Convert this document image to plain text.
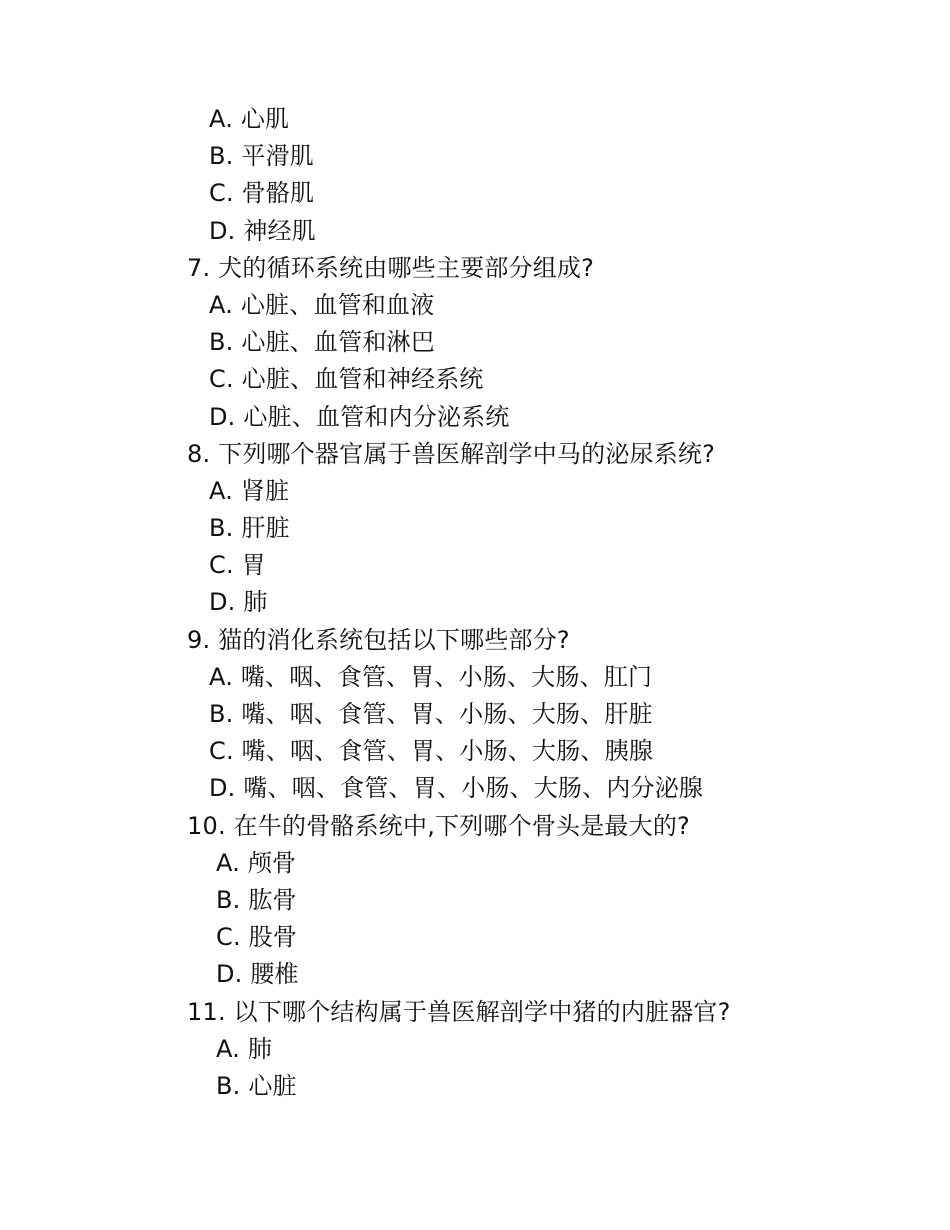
A. 心肌
B. 平滑肌
C. 骨骼肌
D. 神经肌
7. 犬的循环系统由哪些主要部分组成?
A. 心脏、血管和血液
B. 心脏、血管和淋巴
C. 心脏、血管和神经系统
D. 心脏、血管和内分泌系统
8. 下列哪个器官属于兽医解剖学中马的泌尿系统?
A. 肾脏
B. 肝脏
C. 胃
D. 肺
9. 猫的消化系统包括以下哪些部分?
A. 嘴、咽、食管、胃、小肠、大肠、肛门
B. 嘴、咽、食管、胃、小肠、大肠、肝脏
C. 嘴、咽、食管、胃、小肠、大肠、胰腺
D. 嘴、咽、食管、胃、小肠、大肠、内分泌腺
10. 在牛的骨骼系统中,下列哪个骨头是最大的?
A. 颅骨
B. 肱骨
C. 股骨
D. 腰椎
11. 以下哪个结构属于兽医解剖学中猪的内脏器官?
A. 肺
B. 心脏
